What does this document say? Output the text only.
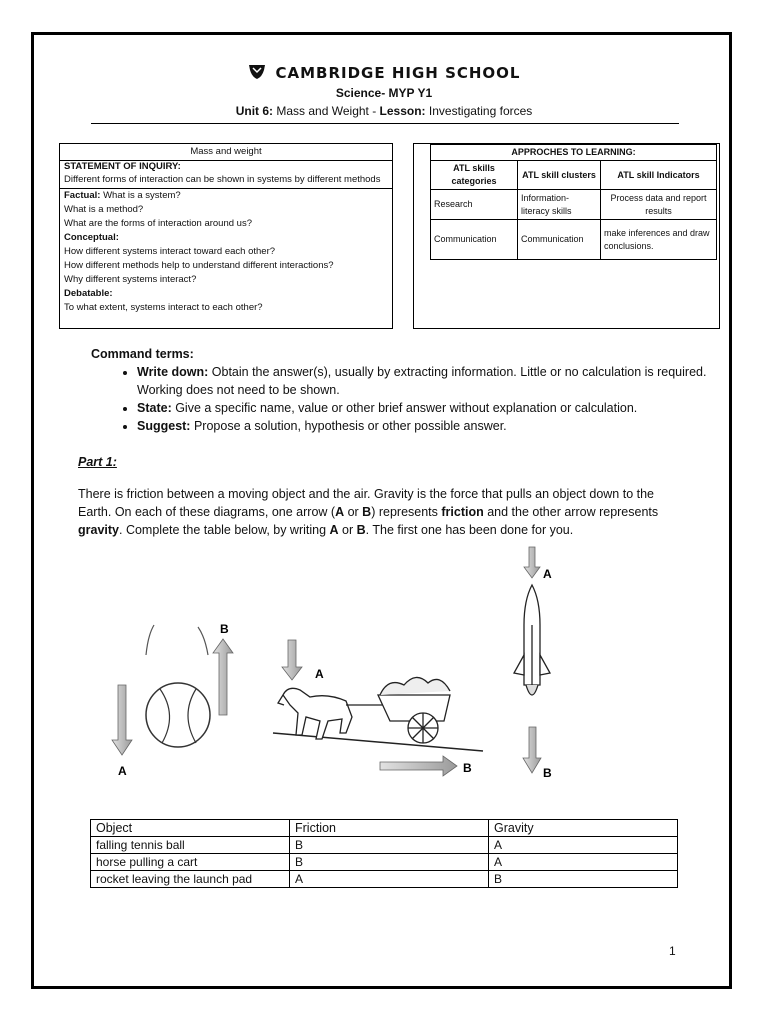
CAMBRIDGE HIGH SCHOOL
Science- MYP Y1
Unit 6: Mass and Weight - Lesson: Investigating forces
Mass and weight
STATEMENT OF INQUIRY:
Different forms of interaction can be shown in systems by different methods
Factual: What is a system?
What is a method?
What are the forms of interaction around us?
Conceptual:
How different systems interact toward each other?
How different methods help to understand different interactions?
Why different systems interact?
Debatable:
To what extent, systems interact to each other?
APPROCHES TO LEARNING:		
ATL skills categories	ATL skill clusters	ATL skill Indicators
Research	Information-literacy skills	Process data and report results
Communication	Communication	make inferences and draw conclusions.
Command terms:
• Write down: Obtain the answer(s), usually by extracting information. Little or no calculation is required. Working does not need to be shown.
• State: Give a specific name, value or other brief answer without explanation or calculation.
• Suggest: Propose a solution, hypothesis or other possible answer.
Part 1:
There is friction between a moving object and the air. Gravity is the force that pulls an object down to the Earth. On each of these diagrams, one arrow (A or B) represents friction and the other arrow represents gravity. Complete the table below, by writing A or B. The first one has been done for you.
A
B
A
B
A
B
Object	Friction	Gravity
falling tennis ball	B	A
horse pulling a cart	B	A
rocket leaving the launch pad	A	B
1
